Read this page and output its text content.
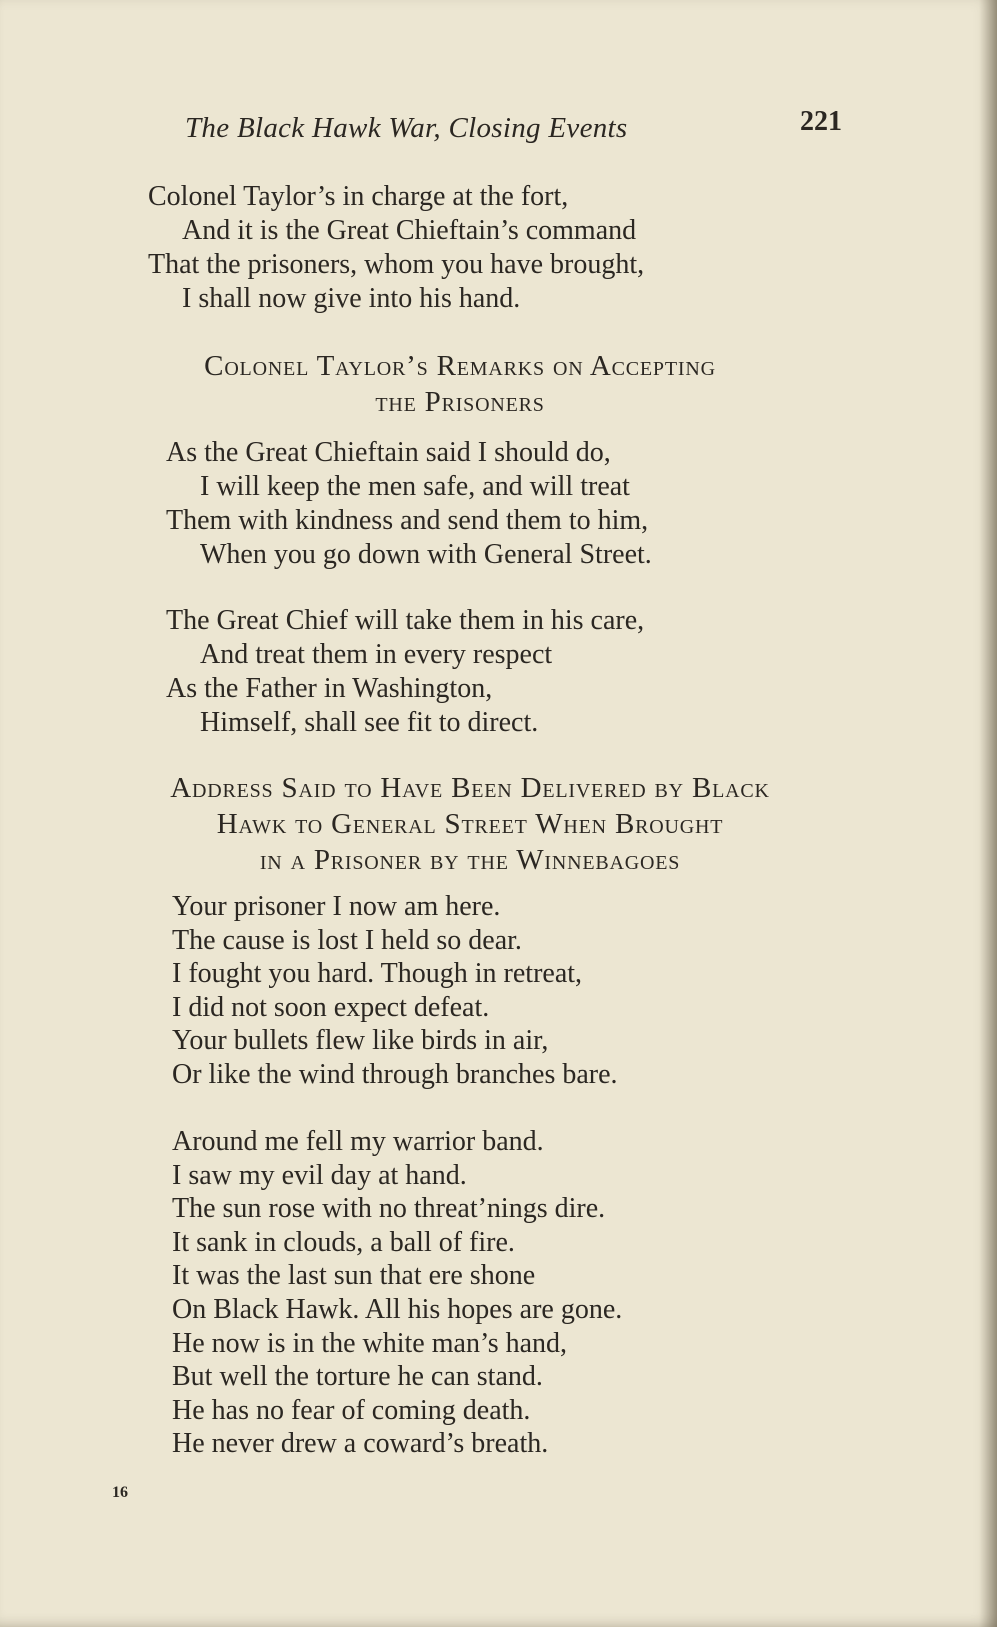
The Black Hawk War, Closing Events	221
Colonel Taylor’s in charge at the fort,
And it is the Great Chieftain’s command
That the prisoners, whom you have brought,
I shall now give into his hand.
Colonel Taylor’s Remarks on Accepting
the Prisoners
As the Great Chieftain said I should do,
I will keep the men safe, and will treat
Them with kindness and send them to him,
When you go down with General Street.
The Great Chief will take them in his care,
And treat them in every respect
As the Father in Washington,
Himself, shall see fit to direct.
Address Said to Have Been Delivered by Black
Hawk to General Street When Brought
in a Prisoner by the Winnebagoes
Your prisoner I now am here.
The cause is lost I held so dear.
I fought you hard. Though in retreat,
I did not soon expect defeat.
Your bullets flew like birds in air,
Or like the wind through branches bare.
Around me fell my warrior band.
I saw my evil day at hand.
The sun rose with no threat’nings dire.
It sank in clouds, a ball of fire.
It was the last sun that ere shone
On Black Hawk. All his hopes are gone.
He now is in the white man’s hand,
But well the torture he can stand.
He has no fear of coming death.
He never drew a coward’s breath.
16
